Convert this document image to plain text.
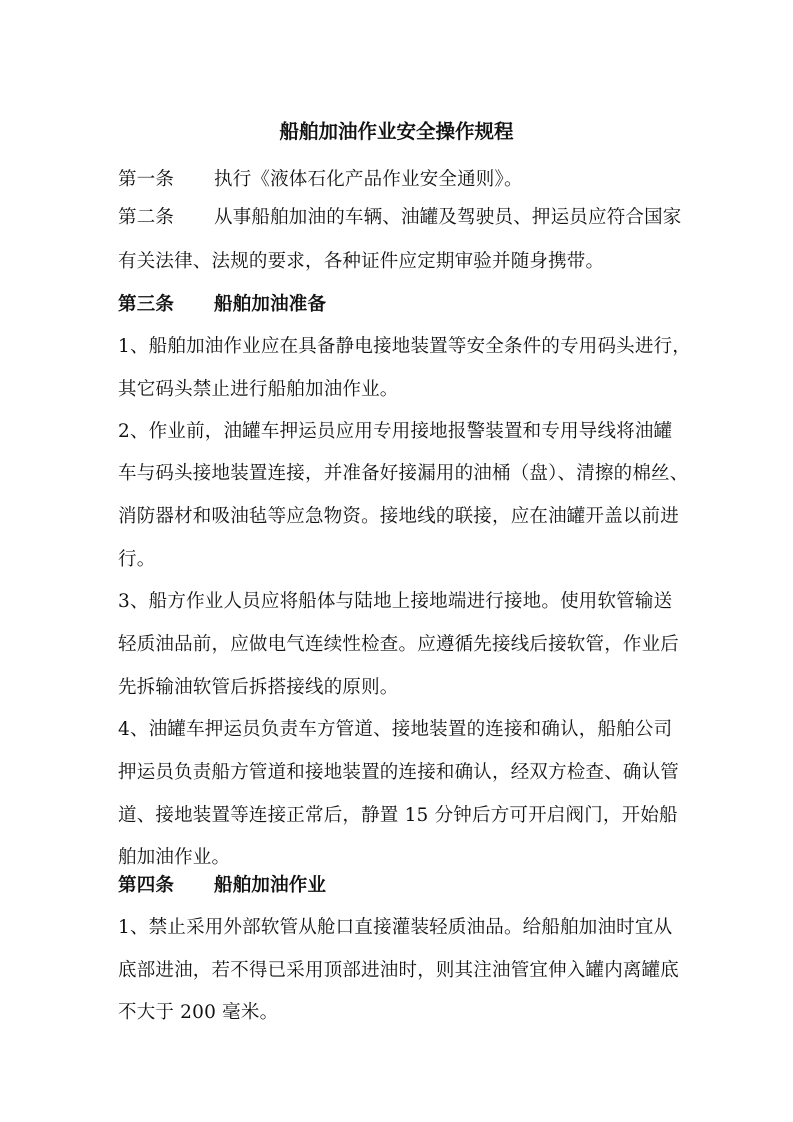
船舶加油作业安全操作规程
第一条 执行《液体石化产品作业安全通则》。
第二条 从事船舶加油的车辆、油罐及驾驶员、押运员应符合国家
有关法律、法规的要求，各种证件应定期审验并随身携带。
第三条 船舶加油准备
1、船舶加油作业应在具备静电接地装置等安全条件的专用码头进行，
其它码头禁止进行船舶加油作业。
2、作业前，油罐车押运员应用专用接地报警装置和专用导线将油罐
车与码头接地装置连接，并准备好接漏用的油桶（盘）、清擦的棉丝、
消防器材和吸油毡等应急物资。接地线的联接，应在油罐开盖以前进
行。
3、船方作业人员应将船体与陆地上接地端进行接地。使用软管输送
轻质油品前，应做电气连续性检查。应遵循先接线后接软管，作业后
先拆输油软管后拆搭接线的原则。
4、油罐车押运员负责车方管道、接地装置的连接和确认，船舶公司
押运员负责船方管道和接地装置的连接和确认，经双方检查、确认管
道、接地装置等连接正常后，静置 15 分钟后方可开启阀门，开始船
舶加油作业。
第四条 船舶加油作业
1、禁止采用外部软管从舱口直接灌装轻质油品。给船舶加油时宜从
底部进油，若不得已采用顶部进油时，则其注油管宜伸入罐内离罐底
不大于 200 毫米。
